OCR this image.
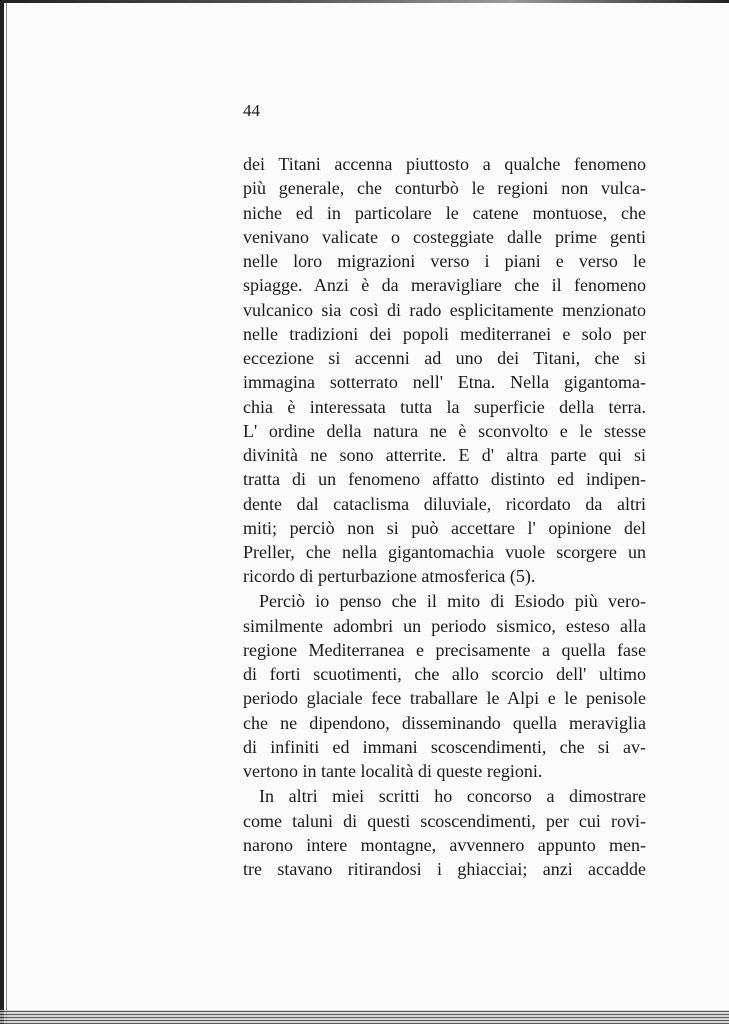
44
dei Titani accenna piuttosto a qualche fenomeno
più generale, che conturbò le regioni non vulca-
niche ed in particolare le catene montuose, che
venivano valicate o costeggiate dalle prime genti
nelle loro migrazioni verso i piani e verso le
spiagge. Anzi è da meravigliare che il fenomeno
vulcanico sia così di rado esplicitamente menzionato
nelle tradizioni dei popoli mediterranei e solo per
eccezione si accenni ad uno dei Titani, che si
immagina sotterrato nell' Etna. Nella gigantoma-
chia è interessata tutta la superficie della terra.
L' ordine della natura ne è sconvolto e le stesse
divinità ne sono atterrite. E d' altra parte qui si
tratta di un fenomeno affatto distinto ed indipen-
dente dal cataclisma diluviale, ricordato da altri
miti; perciò non si può accettare l' opinione del
Preller, che nella gigantomachia vuole scorgere un
ricordo di perturbazione atmosferica (5).
Perciò io penso che il mito di Esiodo più vero-
similmente adombri un periodo sismico, esteso alla
regione Mediterranea e precisamente a quella fase
di forti scuotimenti, che allo scorcio dell' ultimo
periodo glaciale fece traballare le Alpi e le penisole
che ne dipendono, disseminando quella meraviglia
di infiniti ed immani scoscendimenti, che si av-
vertono in tante località di queste regioni.
In altri miei scritti ho concorso a dimostrare
come taluni di questi scoscendimenti, per cui rovi-
narono intere montagne, avvennero appunto men-
tre stavano ritirandosi i ghiacciai; anzi accadde
